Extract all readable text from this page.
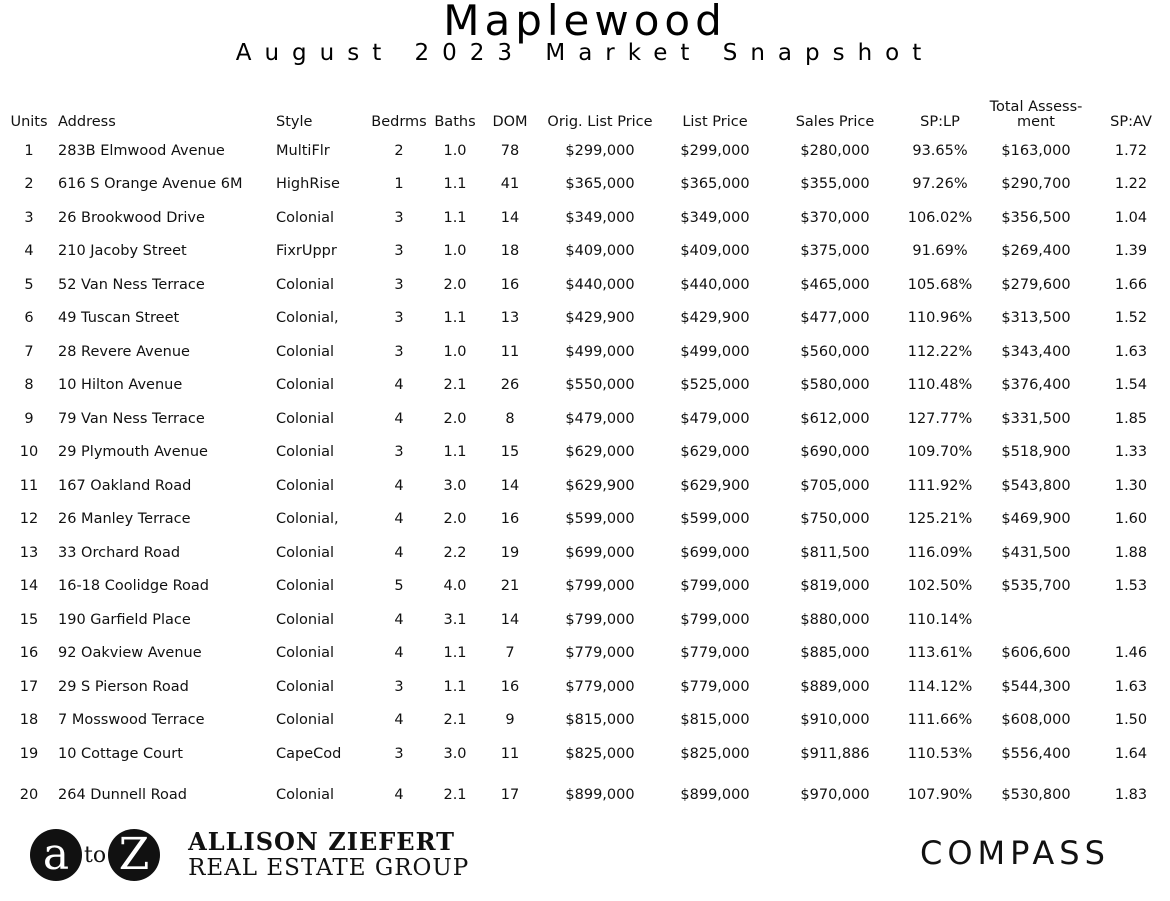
Maplewood
August 2023 Market Snapshot
Units	Address	Style	Bedrms	Baths	DOM	Orig. List Price	List Price	Sales Price	SP:LP	Total Assess-
ment	SP:AV
1	283B Elmwood Avenue	MultiFlr	2	1.0	78	$299,000	$299,000	$280,000	93.65%	$163,000	1.72
2	616 S Orange Avenue 6M	HighRise	1	1.1	41	$365,000	$365,000	$355,000	97.26%	$290,700	1.22
3	26 Brookwood Drive	Colonial	3	1.1	14	$349,000	$349,000	$370,000	106.02%	$356,500	1.04
4	210 Jacoby Street	FixrUppr	3	1.0	18	$409,000	$409,000	$375,000	91.69%	$269,400	1.39
5	52 Van Ness Terrace	Colonial	3	2.0	16	$440,000	$440,000	$465,000	105.68%	$279,600	1.66
6	49 Tuscan Street	Colonial,	3	1.1	13	$429,900	$429,900	$477,000	110.96%	$313,500	1.52
7	28 Revere Avenue	Colonial	3	1.0	11	$499,000	$499,000	$560,000	112.22%	$343,400	1.63
8	10 Hilton Avenue	Colonial	4	2.1	26	$550,000	$525,000	$580,000	110.48%	$376,400	1.54
9	79 Van Ness Terrace	Colonial	4	2.0	8	$479,000	$479,000	$612,000	127.77%	$331,500	1.85
10	29 Plymouth Avenue	Colonial	3	1.1	15	$629,000	$629,000	$690,000	109.70%	$518,900	1.33
11	167 Oakland Road	Colonial	4	3.0	14	$629,900	$629,900	$705,000	111.92%	$543,800	1.30
12	26 Manley Terrace	Colonial,	4	2.0	16	$599,000	$599,000	$750,000	125.21%	$469,900	1.60
13	33 Orchard Road	Colonial	4	2.2	19	$699,000	$699,000	$811,500	116.09%	$431,500	1.88
14	16-18 Coolidge Road	Colonial	5	4.0	21	$799,000	$799,000	$819,000	102.50%	$535,700	1.53
15	190 Garfield Place	Colonial	4	3.1	14	$799,000	$799,000	$880,000	110.14%		
16	92 Oakview Avenue	Colonial	4	1.1	7	$779,000	$779,000	$885,000	113.61%	$606,600	1.46
17	29 S Pierson Road	Colonial	3	1.1	16	$779,000	$779,000	$889,000	114.12%	$544,300	1.63
18	7 Mosswood Terrace	Colonial	4	2.1	9	$815,000	$815,000	$910,000	111.66%	$608,000	1.50
19	10 Cottage Court	CapeCod	3	3.0	11	$825,000	$825,000	$911,886	110.53%	$556,400	1.64
20	264 Dunnell Road	Colonial	4	2.1	17	$899,000	$899,000	$970,000	107.90%	$530,800	1.83
a to Z	ALLISON ZIEFERT
REAL ESTATE GROUP	COMPASS
